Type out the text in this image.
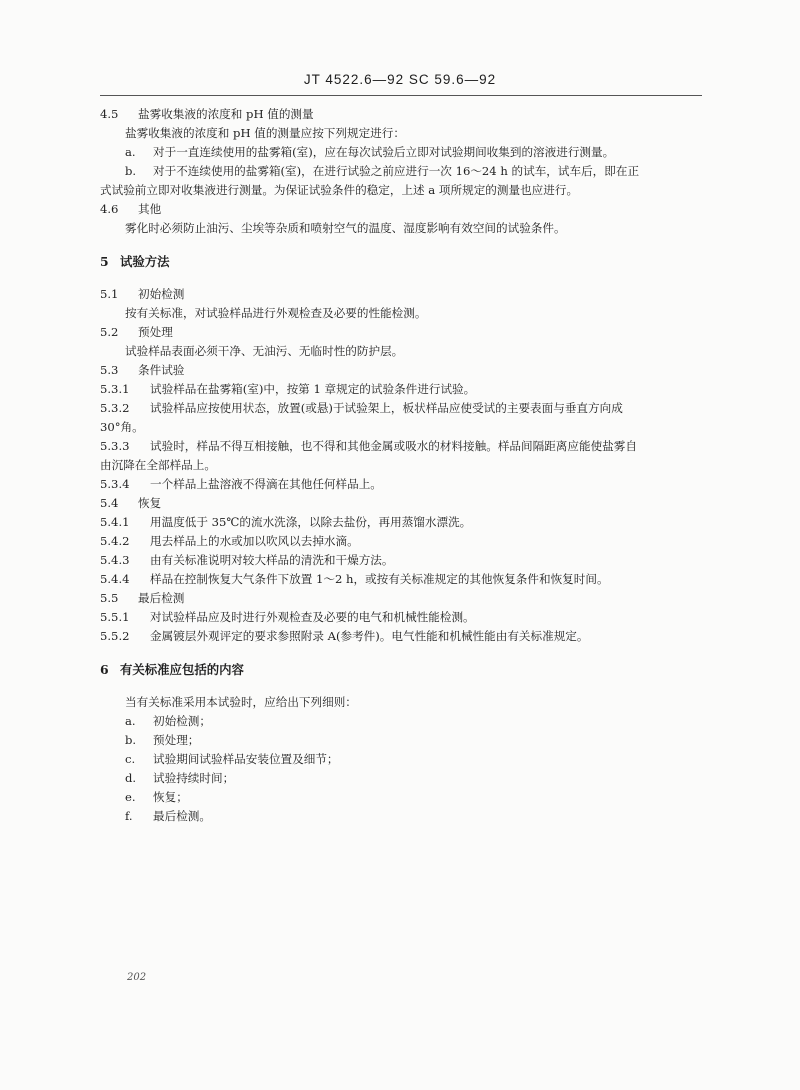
JT 4522.6—92 SC 59.6—92
4.5 盐雾收集液的浓度和 pH 值的测量
盐雾收集液的浓度和 pH 值的测量应按下列规定进行：
a. 对于一直连续使用的盐雾箱(室)，应在每次试验后立即对试验期间收集到的溶液进行测量。
b. 对于不连续使用的盐雾箱(室)，在进行试验之前应进行一次 16～24 h 的试车，试车后，即在正
式试验前立即对收集液进行测量。为保证试验条件的稳定，上述 a 项所规定的测量也应进行。
4.6 其他
雾化时必须防止油污、尘埃等杂质和喷射空气的温度、湿度影响有效空间的试验条件。
5 试验方法
5.1 初始检测
按有关标准，对试验样品进行外观检查及必要的性能检测。
5.2 预处理
试验样品表面必须干净、无油污、无临时性的防护层。
5.3 条件试验
5.3.1 试验样品在盐雾箱(室)中，按第 1 章规定的试验条件进行试验。
5.3.2 试验样品应按使用状态，放置(或悬)于试验架上，板状样品应使受试的主要表面与垂直方向成
30°角。
5.3.3 试验时，样品不得互相接触，也不得和其他金属或吸水的材料接触。样品间隔距离应能使盐雾自
由沉降在全部样品上。
5.3.4 一个样品上盐溶液不得滴在其他任何样品上。
5.4 恢复
5.4.1 用温度低于 35℃的流水洗涤，以除去盐份，再用蒸馏水漂洗。
5.4.2 甩去样品上的水或加以吹风以去掉水滴。
5.4.3 由有关标准说明对较大样品的清洗和干燥方法。
5.4.4 样品在控制恢复大气条件下放置 1～2 h，或按有关标准规定的其他恢复条件和恢复时间。
5.5 最后检测
5.5.1 对试验样品应及时进行外观检查及必要的电气和机械性能检测。
5.5.2 金属镀层外观评定的要求参照附录 A(参考件)。电气性能和机械性能由有关标准规定。
6 有关标准应包括的内容
当有关标准采用本试验时，应给出下列细则：
a. 初始检测；
b. 预处理；
c. 试验期间试验样品安装位置及细节；
d. 试验持续时间；
e. 恢复；
f. 最后检测。
202
